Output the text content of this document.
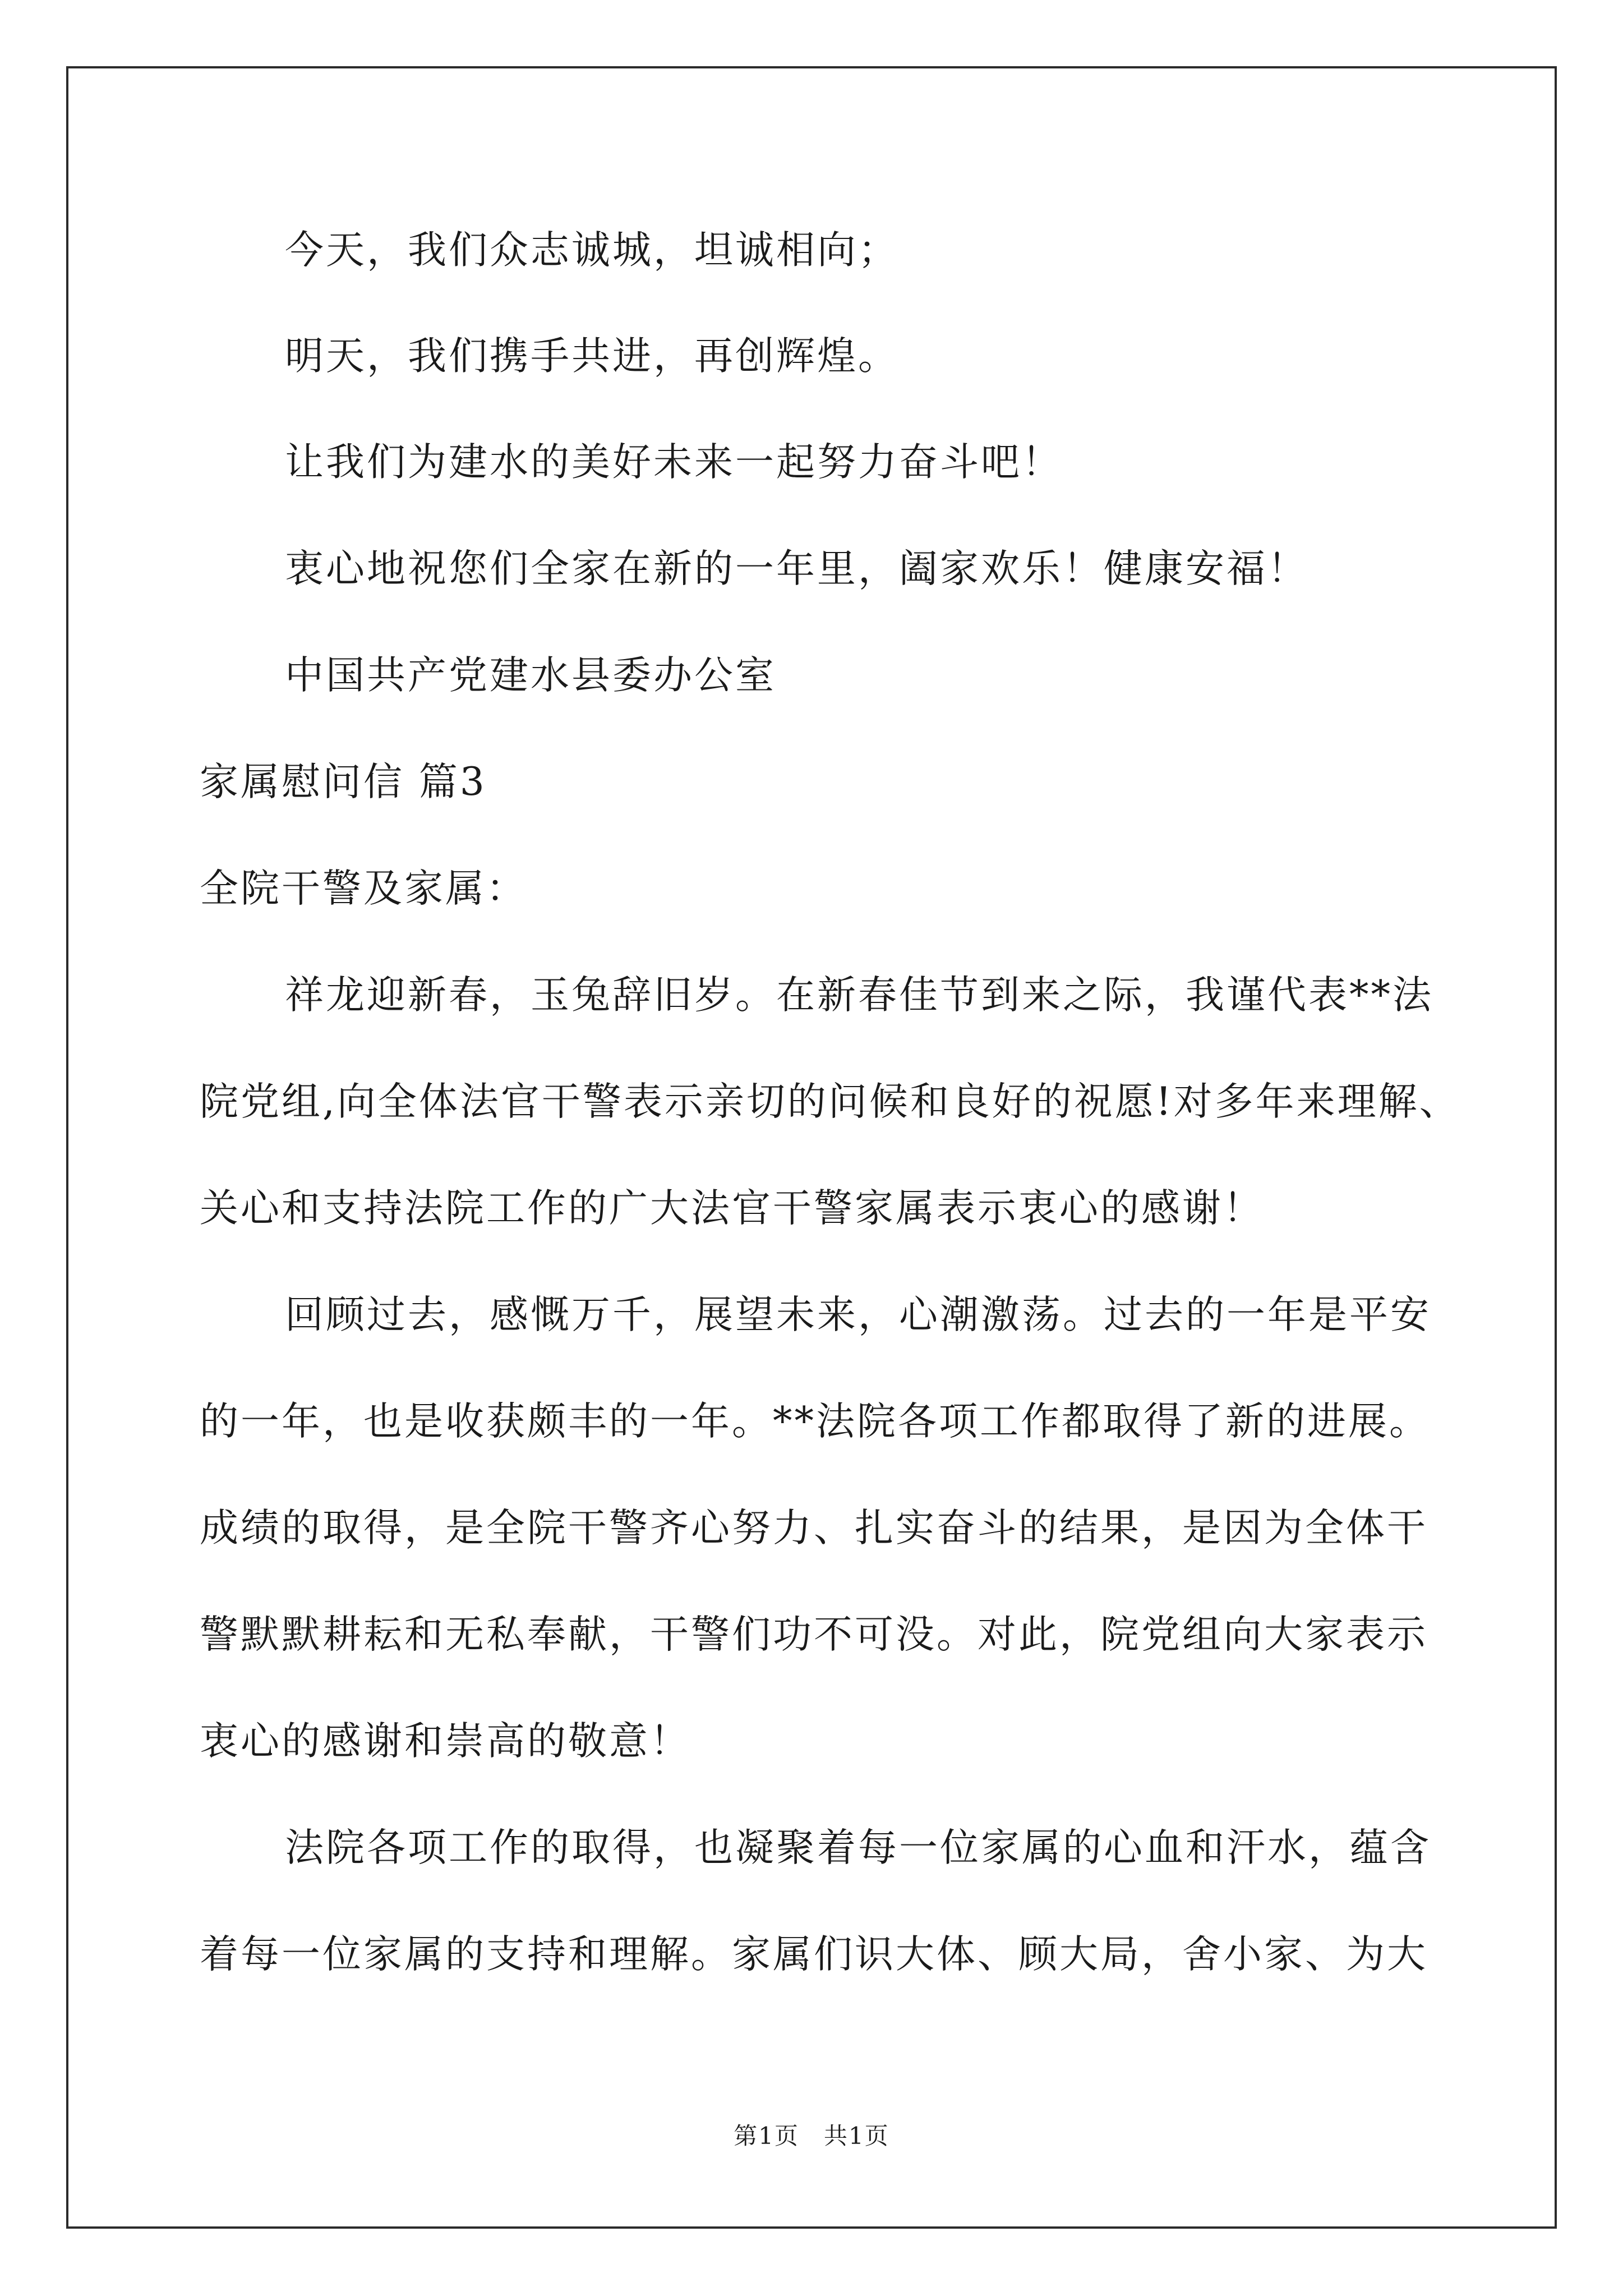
今天，我们众志诚城，坦诚相向；
明天，我们携手共进，再创辉煌。
让我们为建水的美好未来一起努力奋斗吧！
衷心地祝您们全家在新的一年里，阖家欢乐！健康安福！
中国共产党建水县委办公室
家属慰问信 篇3
全院干警及家属：
祥龙迎新春，玉兔辞旧岁。在新春佳节到来之际，我谨代表**法
院党组,向全体法官干警表示亲切的问候和良好的祝愿!对多年来理解、
关心和支持法院工作的广大法官干警家属表示衷心的感谢！
回顾过去，感慨万千，展望未来，心潮激荡。过去的一年是平安
的一年，也是收获颇丰的一年。**法院各项工作都取得了新的进展。
成绩的取得，是全院干警齐心努力、扎实奋斗的结果，是因为全体干
警默默耕耘和无私奉献，干警们功不可没。对此，院党组向大家表示
衷心的感谢和崇高的敬意！
法院各项工作的取得，也凝聚着每一位家属的心血和汗水，蕴含
着每一位家属的支持和理解。家属们识大体、顾大局，舍小家、为大
第1页　共1页
